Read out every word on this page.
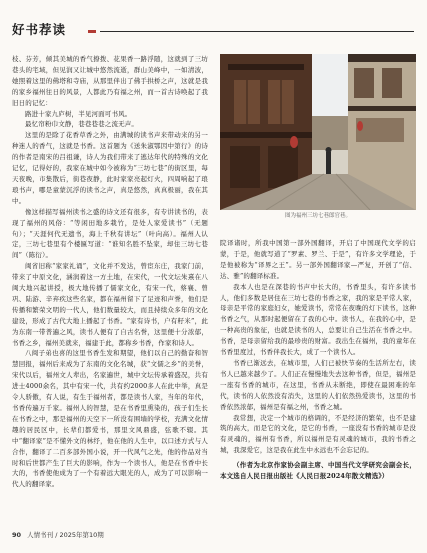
好书荐读

枝、芬芳，倾其美城的香气撩拨、花果香一路浮随，这就到了三坊巷头的宅域，但见润又让城中悠然流逝，群山美峰中，一如清波，她照着这里的佛塔和寺庙，从那里伴出了佛手拱桥之声，这就是我的家乡福州往日的风景，人都此乃有福之州，而一首古诗唤起了我旧日的记忆：

路进十家九庐树，半见河面可书风。

最忆帘粉巾文静，巷巷巷巷之流无声。

这里的是除了花香草香之外，由满城的读书声来带动来的另一种迷人的香气，这就是书香。这首题为《送朱淑鄂因中第行》的诗的作者是南宋的吕祖谦，诗人为我们带来了逃达年代的特殊的文化记忆，记得好的，我家在城中如今被称为“三坊七巷”的街区里，每天夜晚，市集散后，街巷夜静，此时家家亮起灯火，四周响起了琅琅书声，哪是童蒙沉浮的读书之声，真是悠然，真真极丽，我在其中。

像这样描写福州读书之盛的诗文还有很多，有专讲读书的，表现了福州的风俗：“等闲田地多栽竹，是处人家爱读书”（无题句）；“天涯何代无遗书，海上千秋有讲坛”（叶向高）。福州人认定，三坊七巷里有个楼匾写道：“谁知名胜不坠家，却住三坊七巷间”（陈衍）。

闽省旧称“家家礼诵”，文化并不发达，曾宦东庄，我家门前，带来了中原文化，涵润着这一方土地，在宋代，一代文坛朱熹在八闽大地兴起讲授，极大地传播了儒家文化，有宋一代，蔡襄、曾巩、陆游、辛弃疾这些名家，都在福州留下了足迹和声誉，他们是传播和繁荣文明的一代人，他们数量较大，而且持续众多年的文化建设，形成了古代大地上播起了书香。“家有诗书，户有籽米”，此为东南一带普遍之风，读书人便有了自古名誉，这里便十分浓郁，书香之乡，福州美就来，福建于此，都称乡书香，作家和诗人。

八闽子弟也喜的这里书香生发和期望，他们以自己的勤奋和智慧回报，福州后来成为了东南的文化名城，获“文儒之乡”的美誉，宋代以后，福州文人辈出，名家遍世，城中文坛传承着盛况，共有进士4000余名，其中有宋一代，共有约2000多人在此中举，真是令人骄傲，有人说，有生于福州者，都是读书人家，当年的年代，书香传遍万千家。福州人的智慧，是在书香里熏染的，孩子们生长在书香之中，那是福州的天空下一所没有围墙的学校，充满文化情趣的居民区中，长辈们都爱书，那里文风鼎盛，弦歌不辍。其中“翻译家”是不懂外文的林纾，他在他的人生中，以口述方式与人合作，翻译了二百多部外国小说，开一代风气之先，他的作品对当时和后世都产生了巨大的影响，作为一个读书人，他是在书香中长大的，书香使他成为了一个有着远大眼光的人，成为了可以影响一代人的翻译家。

图为福州三坊七巷郎官巷。

院译诸时，所我中国第一部外国翻译，开启了中国现代文学的启蒙，于是，他就写道了“罗素、罗兰、于是”，有许多文学理论，于是他被称为“译界之王”。另一部外国翻译家—严复，开创了“信、达、雅”的翻译标准。

我本人也是在深巷的书声中长大的，书香里头，有许多读书人，他们多数是居住在三坊七巷的书香之家，我的家是平常人家，母亲是平常的家庭妇女，她爱读书，常常在夜晚的灯下读书，这种书香之气，从那时起便留在了我的心中。读书人，在我的心中，是一种高贵的象征，也就是读书的人，总要让自己生活在书香之中。书香，是母亲留给我的最珍贵的财富。我出生在福州，我的童年在书香里度过，书香伴我长大，成了一个读书人。

书香已渐远去，在城市里，人们已被快节奏的生活所左右，读书人已越来越少了。人们正在慢慢地失去这种书香，但是，福州是一座有书香的城市，在这里，书香从未断绝，即使在最困难的年代，读书的人依然没有消失，这里的人们依然热爱读书，这里的书香依然浓郁，福州是有福之州，书香之城。

我常想，决定一个城市的格调的，不是经济的繁荣，也不是建筑的高大，而是它的文化，是它的书香，一座没有书香的城市是没有灵魂的，福州有书香，所以福州是有灵魂的城市，我的书香之城，我深爱它，这是我在此生中永远也不会忘记的。

（作者为北京作家协会副主席、中国当代文学研究会副会长，本文选自人民日报出版社《人民日报2024年散文精选》）

90 人情书刊 / 2025年第10期
